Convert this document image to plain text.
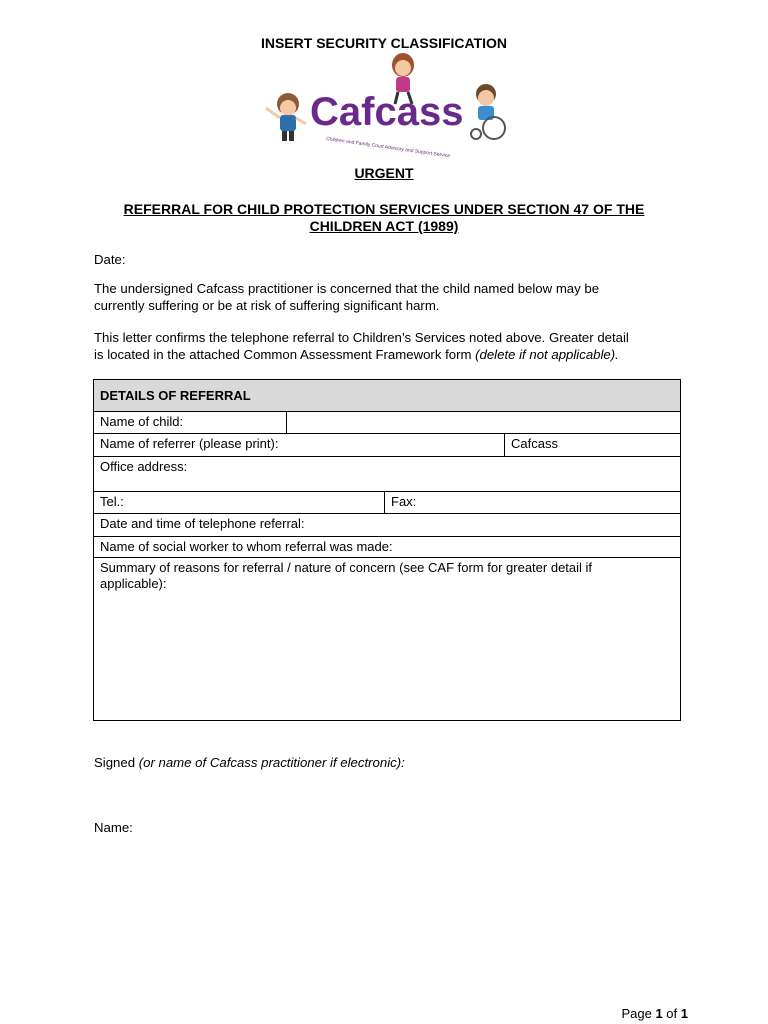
INSERT SECURITY CLASSIFICATION
Cafcass
Children and Family Court Advisory and Support Service
URGENT
REFERRAL FOR CHILD PROTECTION SERVICES UNDER SECTION 47 OF THE
CHILDREN ACT (1989)
Date:
The undersigned Cafcass practitioner is concerned that the child named below may be
currently suffering or be at risk of suffering significant harm.
This letter confirms the telephone referral to Children’s Services noted above. Greater detail
is located in the attached Common Assessment Framework form (delete if not applicable).
DETAILS OF REFERRAL
Name of child:
Name of referrer (please print):	Cafcass
Office address:
Tel.:	Fax:
Date and time of telephone referral:
Name of social worker to whom referral was made:
Summary of reasons for referral / nature of concern (see CAF form for greater detail if
applicable):
Signed (or name of Cafcass practitioner if electronic):
Name:
Page 1 of 1
